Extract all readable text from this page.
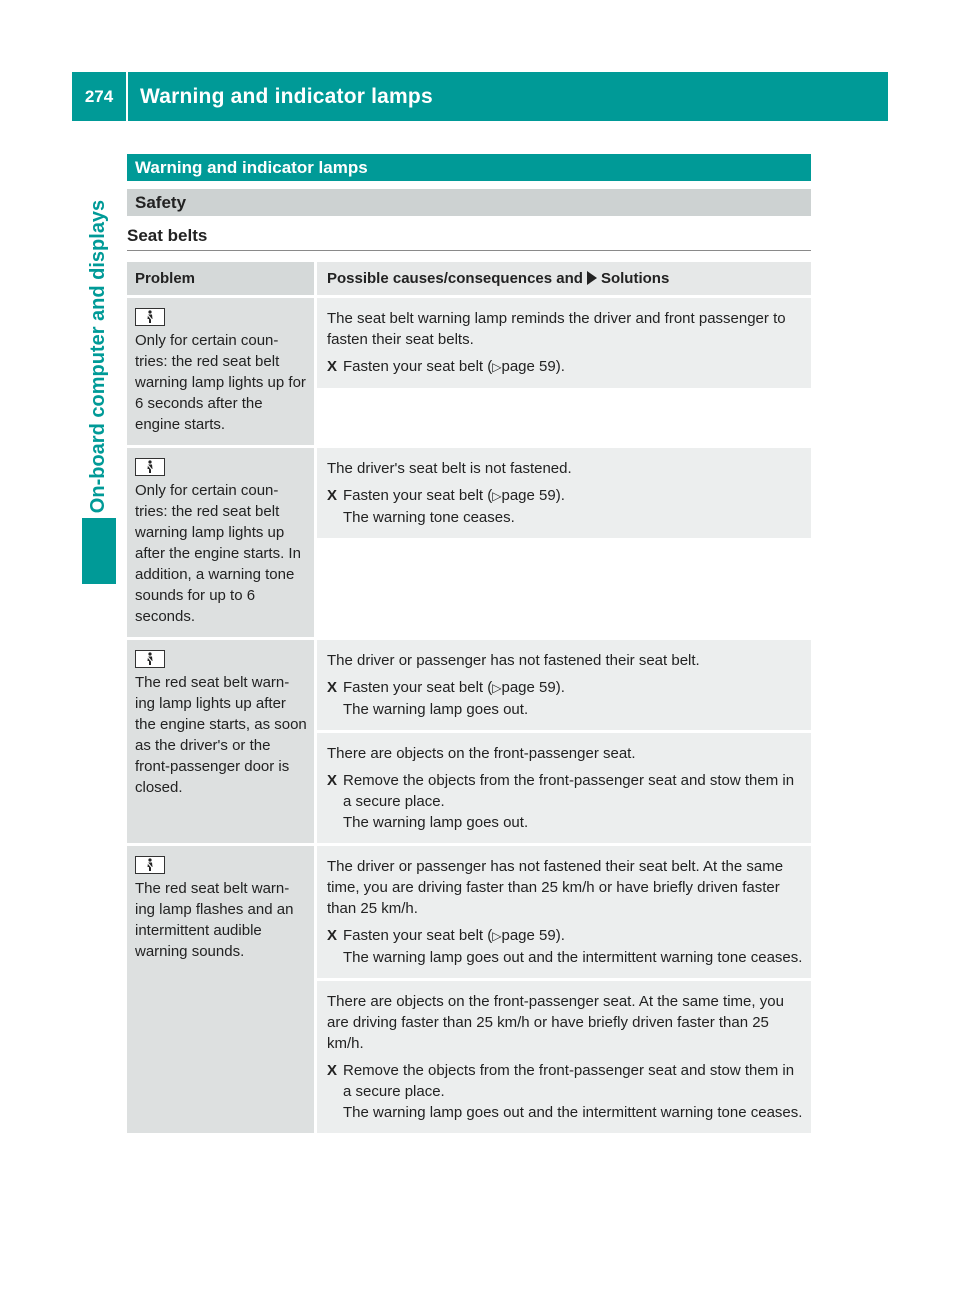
274	Warning and indicator lamps
On-board computer and displays
Warning and indicator lamps
Safety
Seat belts
Problem	Possible causes/consequences and Solutions
Only for certain coun-tries: the red seat belt warning lamp lights up for 6 seconds after the engine starts.
The seat belt warning lamp reminds the driver and front passenger to fasten their seat belts.
X Fasten your seat belt (▷page 59).
Only for certain coun-tries: the red seat belt warning lamp lights up after the engine starts. In addition, a warning tone sounds for up to 6 seconds.
The driver's seat belt is not fastened.
X Fasten your seat belt (▷page 59).
The warning tone ceases.
The red seat belt warn-ing lamp lights up after the engine starts, as soon as the driver's or the front-passenger door is closed.
The driver or passenger has not fastened their seat belt.
X Fasten your seat belt (▷page 59).
The warning lamp goes out.
There are objects on the front-passenger seat.
X Remove the objects from the front-passenger seat and stow them in a secure place.
The warning lamp goes out.
The red seat belt warn-ing lamp flashes and an intermittent audible warning sounds.
The driver or passenger has not fastened their seat belt. At the same time, you are driving faster than 25 km/h or have briefly driven faster than 25 km/h.
X Fasten your seat belt (▷page 59).
The warning lamp goes out and the intermittent warning tone ceases.
There are objects on the front-passenger seat. At the same time, you are driving faster than 25 km/h or have briefly driven faster than 25 km/h.
X Remove the objects from the front-passenger seat and stow them in a secure place.
The warning lamp goes out and the intermittent warning tone ceases.
